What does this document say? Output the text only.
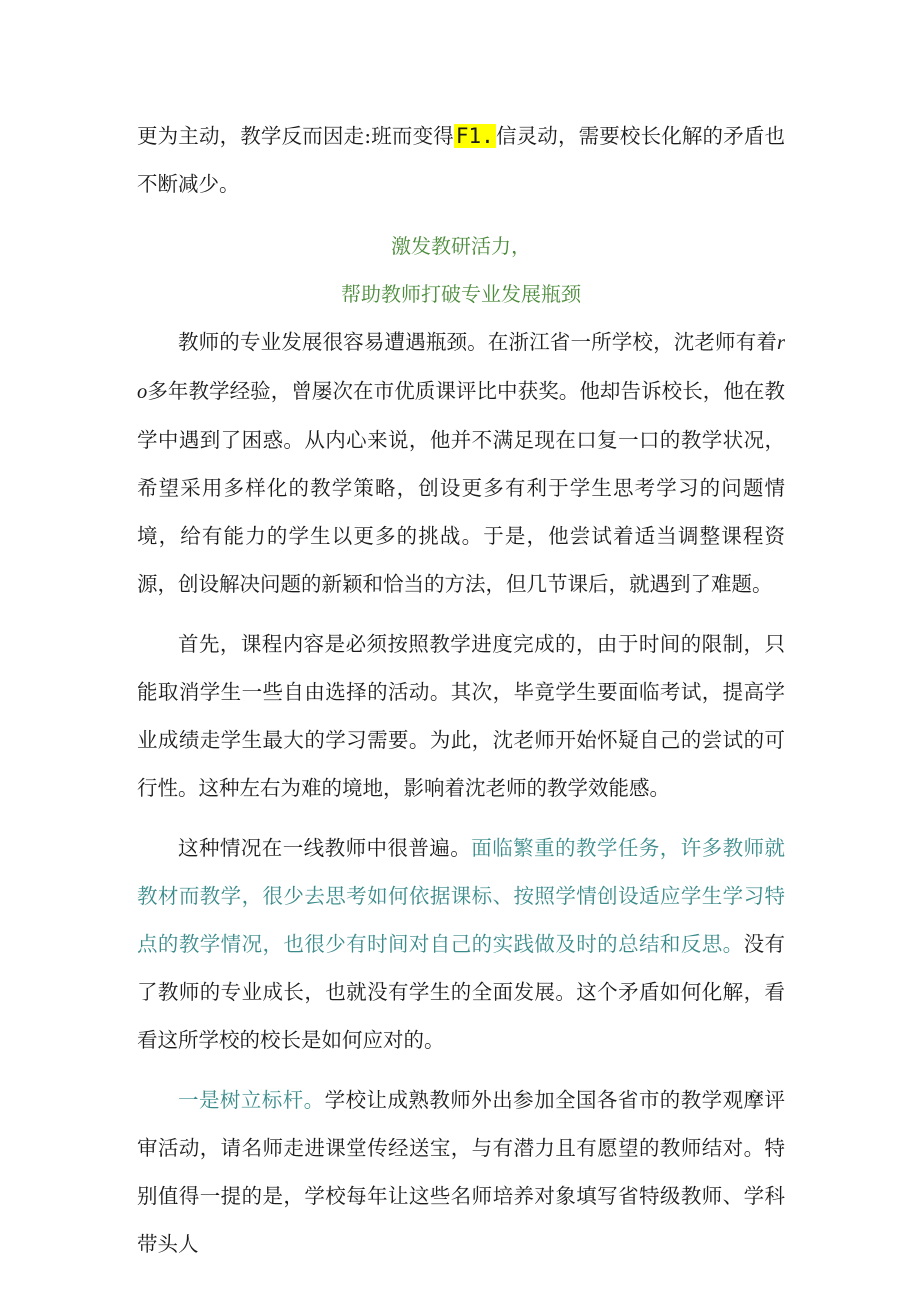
更为主动，教学反而因走:班而变得F1.信灵动，需要校长化解的矛盾也不断减少。

激发教研活力，

帮助教师打破专业发展瓶颈

教师的专业发展很容易遭遇瓶颈。在浙江省一所学校，沈老师有着ro多年教学经验，曾屡次在市优质课评比中获奖。他却告诉校长，他在教学中遇到了困惑。从内心来说，他并不满足现在口复一口的教学状况，希望采用多样化的教学策略，创设更多有利于学生思考学习的问题情境，给有能力的学生以更多的挑战。于是，他尝试着适当调整课程资源，创设解决问题的新颖和恰当的方法，但几节课后，就遇到了难题。

首先，课程内容是必须按照教学进度完成的，由于时间的限制，只能取消学生一些自由选择的活动。其次，毕竟学生要面临考试，提高学业成绩走学生最大的学习需要。为此，沈老师开始怀疑自己的尝试的可行性。这种左右为难的境地，影响着沈老师的教学效能感。

这种情况在一线教师中很普遍。面临繁重的教学任务，许多教师就教材而教学，很少去思考如何依据课标、按照学情创设适应学生学习特点的教学情况，也很少有时间对自己的实践做及时的总结和反思。没有了教师的专业成长，也就没有学生的全面发展。这个矛盾如何化解，看看这所学校的校长是如何应对的。

一是树立标杆。学校让成熟教师外出参加全国各省市的教学观摩评审活动，请名师走进课堂传经送宝，与有潜力且有愿望的教师结对。特别值得一提的是，学校每年让这些名师培养对象填写省特级教师、学科带头人
